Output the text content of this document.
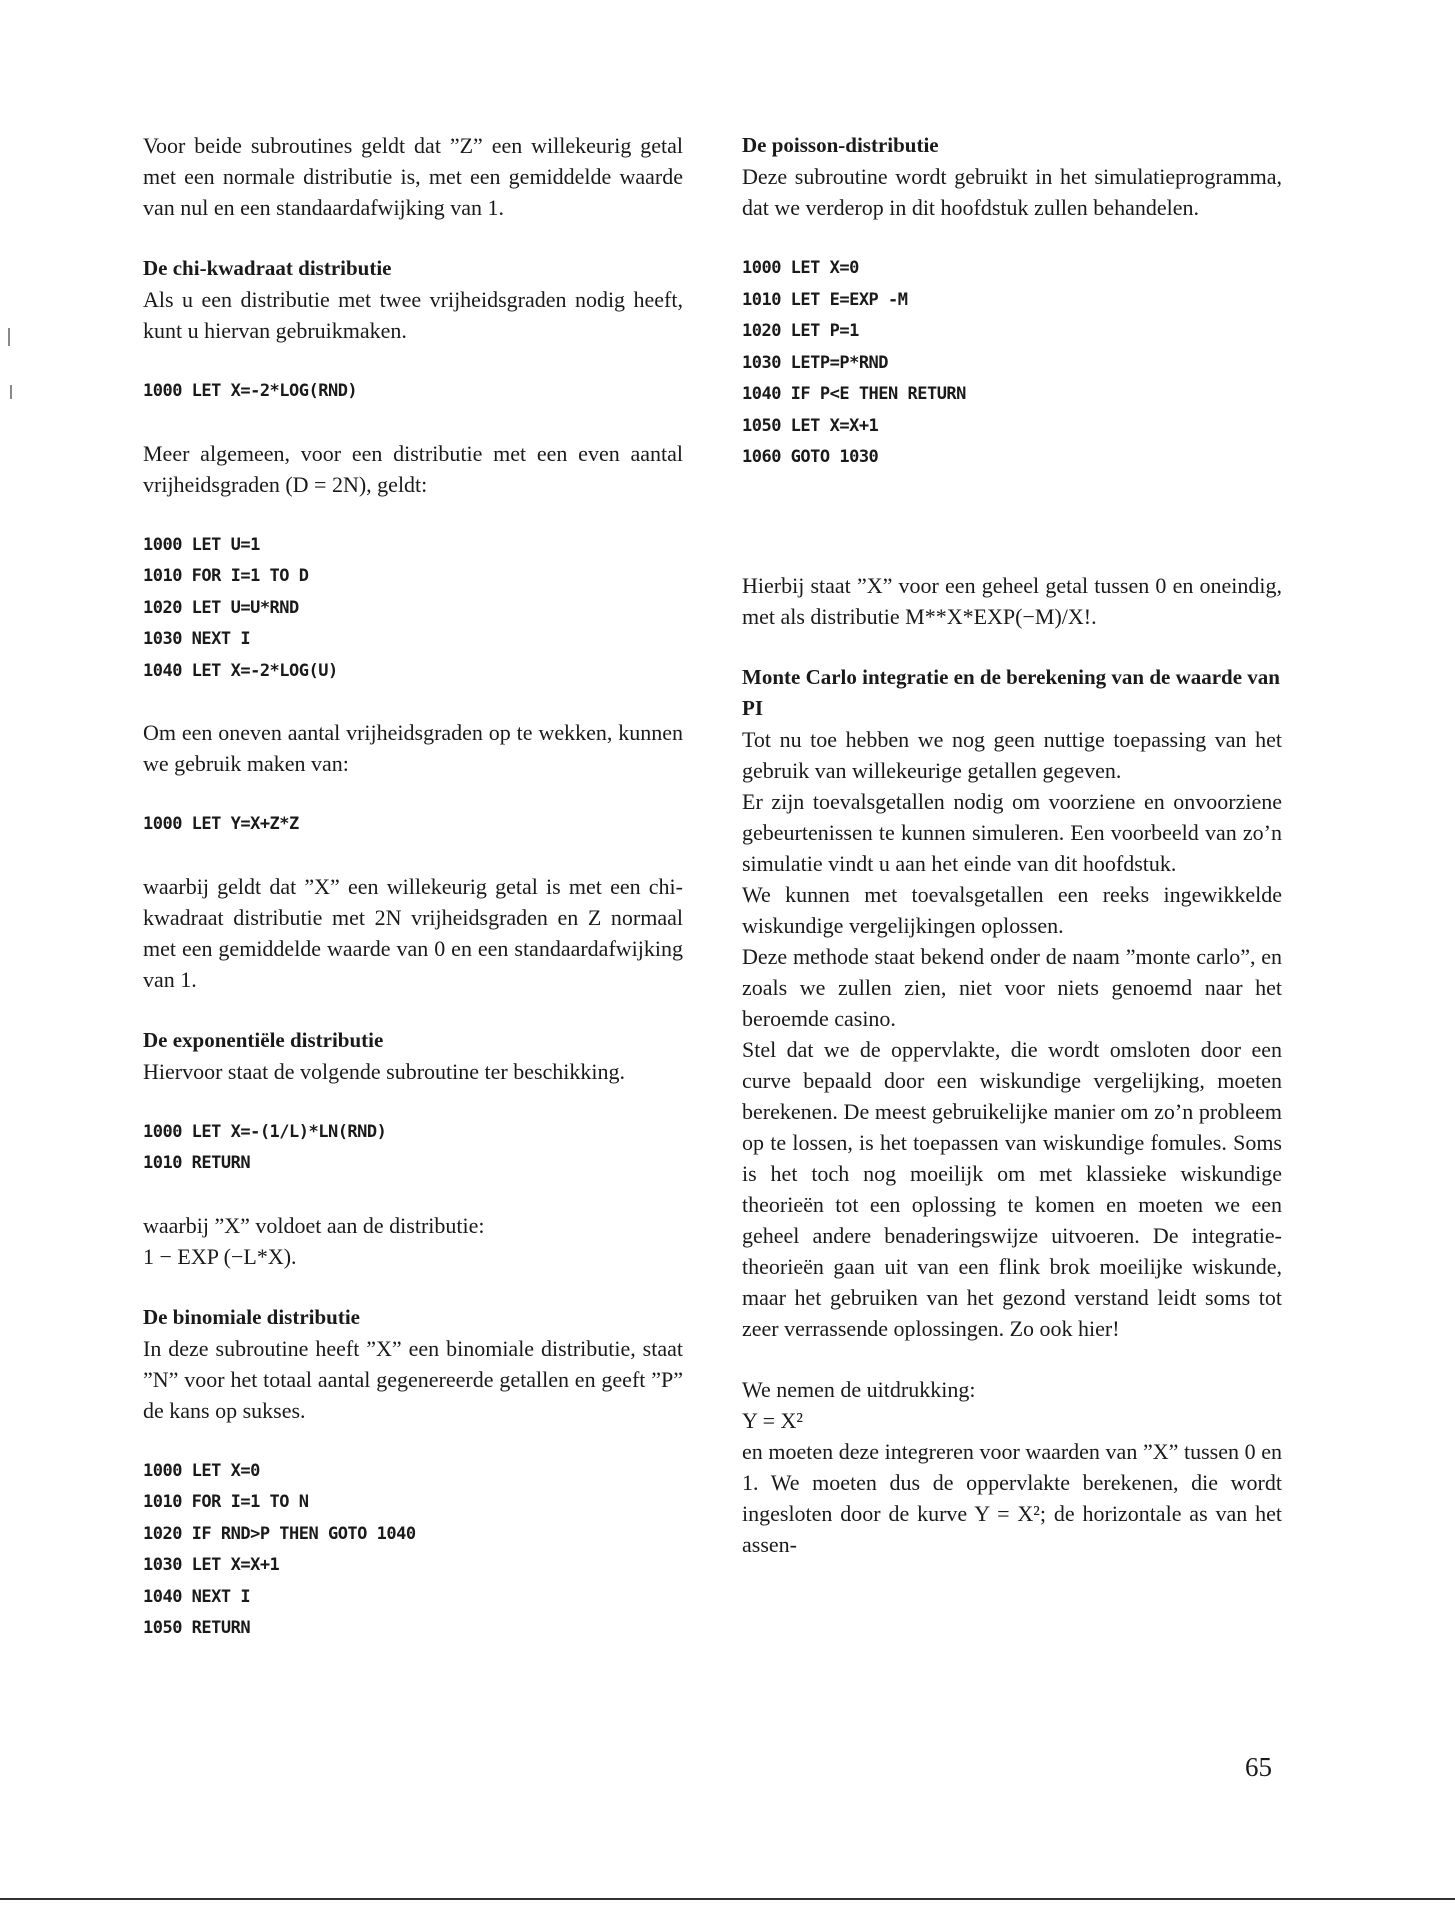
Voor beide subroutines geldt dat ”Z” een willekeurig getal met een normale distributie is, met een gemiddelde waarde van nul en een standaardafwijking van 1.

De chi-kwadraat distributie

Als u een distributie met twee vrijheidsgraden nodig heeft, kunt u hiervan gebruikmaken.

1000 LET X=-2*LOG(RND)

Meer algemeen, voor een distributie met een even aantal vrijheidsgraden (D = 2N), geldt:

1000 LET U=1
1010 FOR I=1 TO D
1020 LET U=U*RND
1030 NEXT I
1040 LET X=-2*LOG(U)

Om een oneven aantal vrijheidsgraden op te wekken, kunnen we gebruik maken van:

1000 LET Y=X+Z*Z

waarbij geldt dat ”X” een willekeurig getal is met een chi-kwadraat distributie met 2N vrijheidsgraden en Z normaal met een gemiddelde waarde van 0 en een standaardafwijking van 1.

De exponentiële distributie

Hiervoor staat de volgende subroutine ter beschikking.

1000 LET X=-(1/L)*LN(RND)
1010 RETURN

waarbij ”X” voldoet aan de distributie:

1 − EXP (−L*X).

De binomiale distributie

In deze subroutine heeft ”X” een binomiale distributie, staat ”N” voor het totaal aantal gegenereerde getallen en geeft ”P” de kans op sukses.

1000 LET X=0
1010 FOR I=1 TO N
1020 IF RND>P THEN GOTO 1040
1030 LET X=X+1
1040 NEXT I
1050 RETURN
De poisson-distributie

Deze subroutine wordt gebruikt in het simulatieprogramma, dat we verderop in dit hoofdstuk zullen behandelen.

1000 LET X=0
1010 LET E=EXP -M
1020 LET P=1
1030 LETP=P*RND
1040 IF P<E THEN RETURN
1050 LET X=X+1
1060 GOTO 1030

Hierbij staat ”X” voor een geheel getal tussen 0 en oneindig, met als distributie M**X*EXP(−M)/X!.

Monte Carlo integratie en de berekening van de waarde van PI

Tot nu toe hebben we nog geen nuttige toepassing van het gebruik van willekeurige getallen gegeven.

Er zijn toevalsgetallen nodig om voorziene en onvoorziene gebeurtenissen te kunnen simuleren. Een voorbeeld van zo’n simulatie vindt u aan het einde van dit hoofdstuk.

We kunnen met toevalsgetallen een reeks ingewikkelde wiskundige vergelijkingen oplossen.

Deze methode staat bekend onder de naam ”monte carlo”, en zoals we zullen zien, niet voor niets genoemd naar het beroemde casino.

Stel dat we de oppervlakte, die wordt omsloten door een curve bepaald door een wiskundige vergelijking, moeten berekenen. De meest gebruikelijke manier om zo’n probleem op te lossen, is het toepassen van wiskundige fomules. Soms is het toch nog moeilijk om met klassieke wiskundige theorieën tot een oplossing te komen en moeten we een geheel andere benaderingswijze uitvoeren. De integratie-theorieën gaan uit van een flink brok moeilijke wiskunde, maar het gebruiken van het gezond verstand leidt soms tot zeer verrassende oplossingen. Zo ook hier!

We nemen de uitdrukking:

Y = X²

en moeten deze integreren voor waarden van ”X” tussen 0 en 1. We moeten dus de oppervlakte berekenen, die wordt ingesloten door de kurve Y = X²; de horizontale as van het assen-

65
